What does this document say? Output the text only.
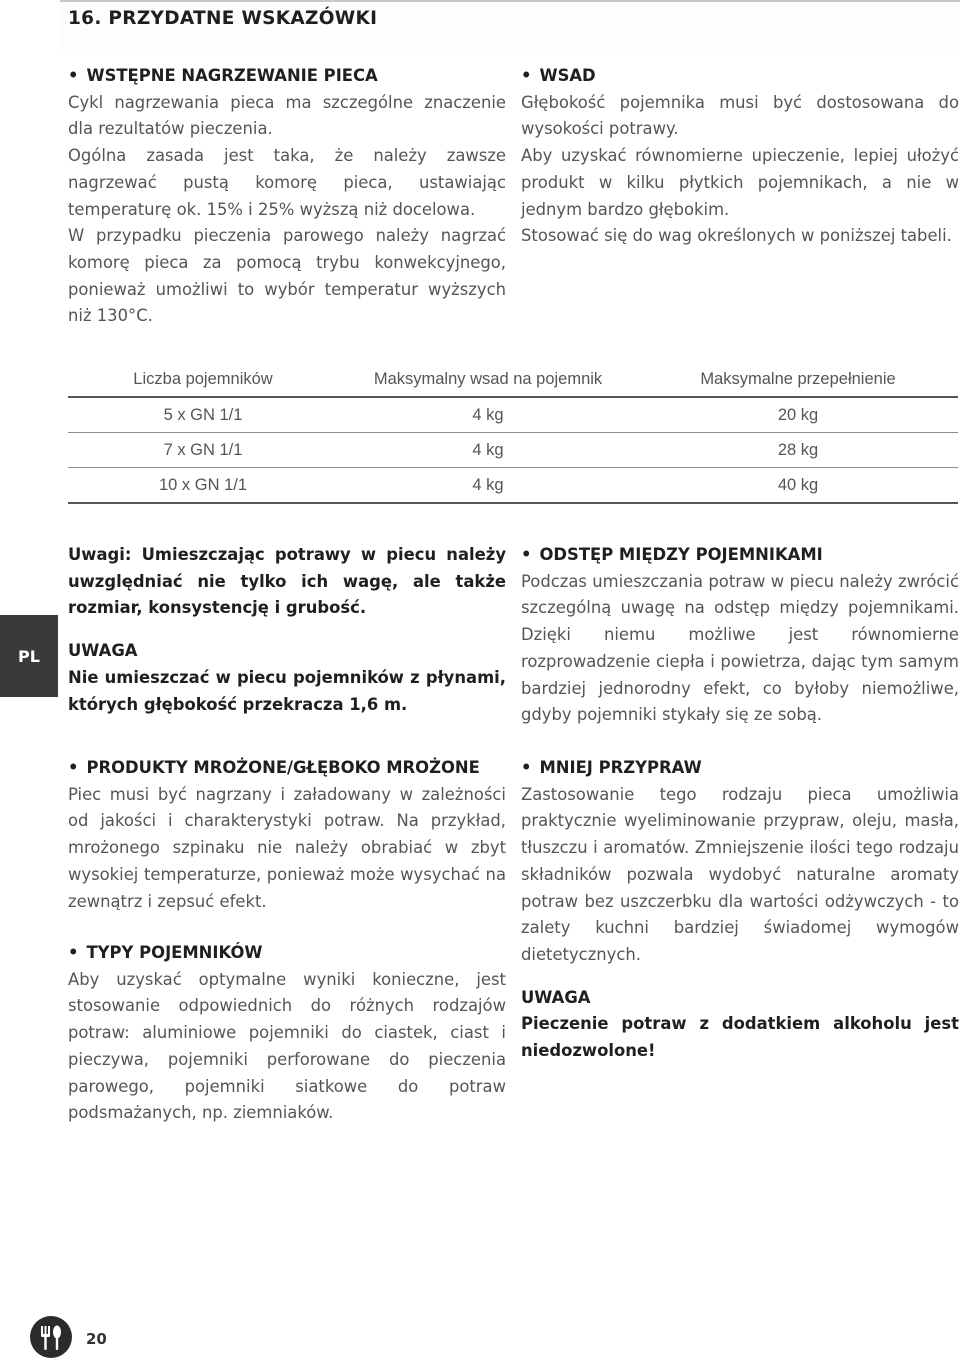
16. PRZYDATNE WSKAZÓWKI
• WSTĘPNE NAGRZEWANIE PIECA

Cykl nagrzewania pieca ma szczególne znaczenie dla rezultatów pieczenia.

Ogólna zasada jest taka, że należy zawsze nagrzewać pustą komorę pieca, ustawiając temperaturę ok. 15% i 25% wyższą niż docelowa.

W przypadku pieczenia parowego należy nagrzać komorę pieca za pomocą trybu konwekcyjnego, ponieważ umożliwi to wybór temperatur wyższych niż 130°C.

• WSAD

Głębokość pojemnika musi być dostosowana do wysokości potrawy.

Aby uzyskać równomierne upieczenie, lepiej ułożyć produkt w kilku płytkich pojemnikach, a nie w jednym bardzo głębokim.

Stosować się do wag określonych w poniższej tabeli.

Liczba pojemników	Maksymalny wsad na pojemnik	Maksymalne przepełnienie
5 x GN 1/1	4 kg	20 kg
7 x GN 1/1	4 kg	28 kg
10 x GN 1/1	4 kg	40 kg
PL

Uwagi: Umieszczając potrawy w piecu należy uwzględniać nie tylko ich wagę, ale także rozmiar, konsystencję i grubość.

UWAGA

Nie umieszczać w piecu pojemników z płynami, których głębokość przekracza 1,6 m.

• ODSTĘP MIĘDZY POJEMNIKAMI

Podczas umieszczania potraw w piecu należy zwrócić szczególną uwagę na odstęp między pojemnikami. Dzięki niemu możliwe jest równomierne rozprowadzenie ciepła i powietrza, dając tym samym bardziej jednorodny efekt, co byłoby niemożliwe, gdyby pojemniki stykały się ze sobą.

• PRODUKTY MROŻONE/GŁĘBOKO MROŻONE

Piec musi być nagrzany i załadowany w zależności od jakości i charakterystyki potraw. Na przykład, mrożonego szpinaku nie należy obrabiać w zbyt wysokiej temperaturze, ponieważ może wysychać na zewnątrz i zepsuć efekt.

• TYPY POJEMNIKÓW

Aby uzyskać optymalne wyniki konieczne, jest stosowanie odpowiednich do różnych rodzajów potraw: aluminiowe pojemniki do ciastek, ciast i pieczywa, pojemniki perforowane do pieczenia parowego, pojemniki siatkowe do potraw podsmażanych, np. ziemniaków.

• MNIEJ PRZYPRAW

Zastosowanie tego rodzaju pieca umożliwia praktycznie wyeliminowanie przypraw, oleju, masła, tłuszczu i aromatów. Zmniejszenie ilości tego rodzaju składników pozwala wydobyć naturalne aromaty potraw bez uszczerbku dla wartości odżywczych - to zalety kuchni bardziej świadomej wymogów dietetycznych.

UWAGA

Pieczenie potraw z dodatkiem alkoholu jest niedozwolone!

20
